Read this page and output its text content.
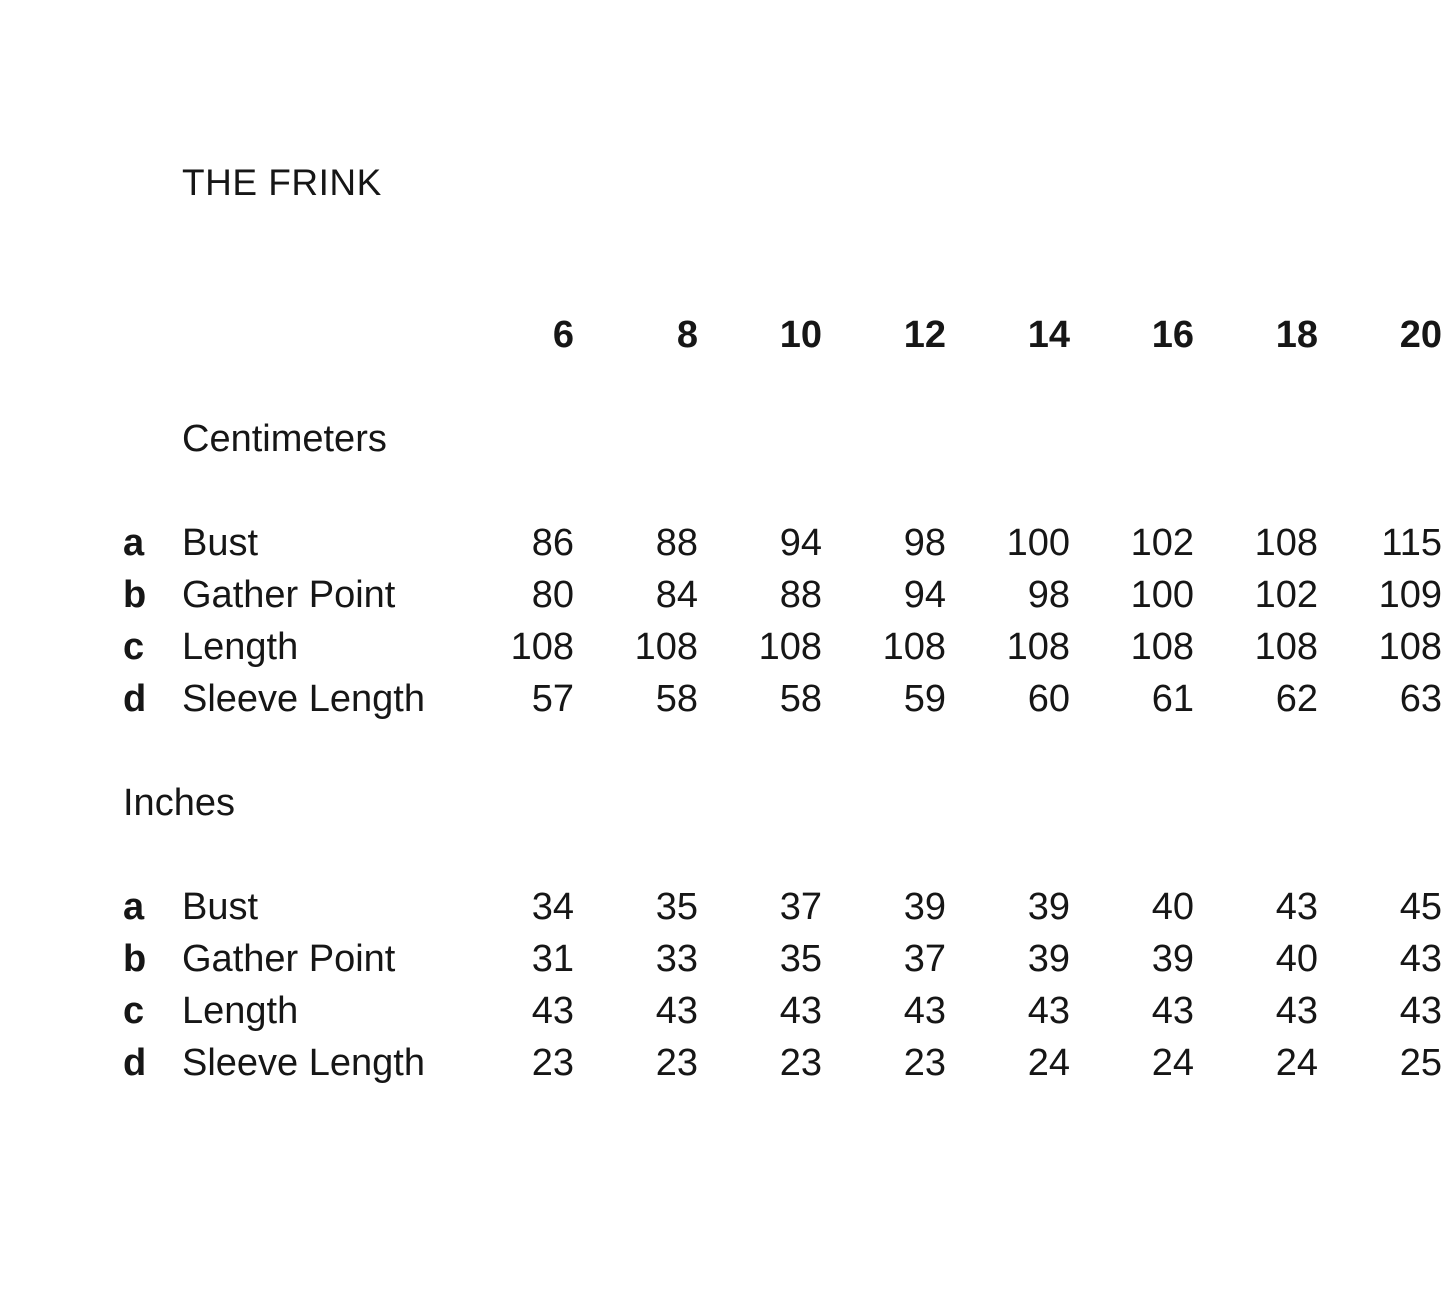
THE FRINK
6	8	10	12	14	16	18	20
Centimeters
a Bust	86	88	94	98	100	102	108	115
b Gather Point	80	84	88	94	98	100	102	109
c Length	108	108	108	108	108	108	108	108
d Sleeve Length	57	58	58	59	60	61	62	63
Inches
a Bust	34	35	37	39	39	40	43	45
b Gather Point	31	33	35	37	39	39	40	43
c Length	43	43	43	43	43	43	43	43
d Sleeve Length	23	23	23	23	24	24	24	25
